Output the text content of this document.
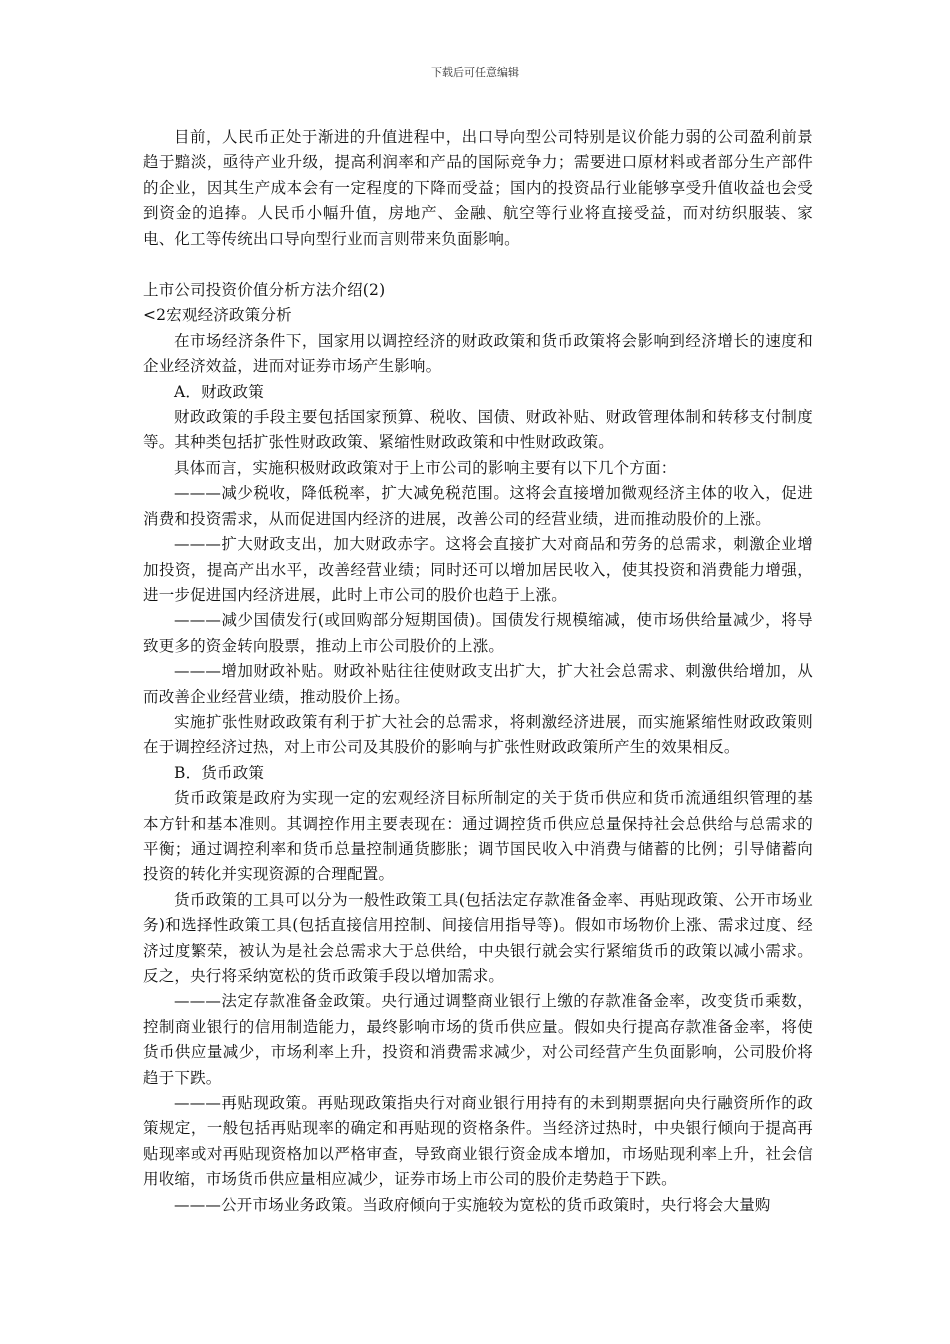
下载后可任意编辑

目前，人民币正处于渐进的升值进程中，出口导向型公司特别是议价能力弱的公司盈利前景趋于黯淡，亟待产业升级，提高利润率和产品的国际竞争力；需要进口原材料或者部分生产部件的企业，因其生产成本会有一定程度的下降而受益；国内的投资品行业能够享受升值收益也会受到资金的追捧。人民币小幅升值，房地产、金融、航空等行业将直接受益，而对纺织服装、家电、化工等传统出口导向型行业而言则带来负面影响。

上市公司投资价值分析方法介绍(2)

<2宏观经济政策分析

在市场经济条件下，国家用以调控经济的财政政策和货币政策将会影响到经济增长的速度和企业经济效益，进而对证券市场产生影响。

A．财政政策

财政政策的手段主要包括国家预算、税收、国债、财政补贴、财政管理体制和转移支付制度等。其种类包括扩张性财政政策、紧缩性财政政策和中性财政政策。

具体而言，实施积极财政政策对于上市公司的影响主要有以下几个方面：

———减少税收，降低税率，扩大减免税范围。这将会直接增加微观经济主体的收入，促进消费和投资需求，从而促进国内经济的进展，改善公司的经营业绩，进而推动股价的上涨。

———扩大财政支出，加大财政赤字。这将会直接扩大对商品和劳务的总需求，刺激企业增加投资，提高产出水平，改善经营业绩；同时还可以增加居民收入，使其投资和消费能力增强，进一步促进国内经济进展，此时上市公司的股价也趋于上涨。

———减少国债发行(或回购部分短期国债)。国债发行规模缩减，使市场供给量减少，将导致更多的资金转向股票，推动上市公司股价的上涨。

———增加财政补贴。财政补贴往往使财政支出扩大，扩大社会总需求、刺激供给增加，从而改善企业经营业绩，推动股价上扬。

实施扩张性财政政策有利于扩大社会的总需求，将刺激经济进展，而实施紧缩性财政政策则在于调控经济过热，对上市公司及其股价的影响与扩张性财政政策所产生的效果相反。

B．货币政策

货币政策是政府为实现一定的宏观经济目标所制定的关于货币供应和货币流通组织管理的基本方针和基本准则。其调控作用主要表现在：通过调控货币供应总量保持社会总供给与总需求的平衡；通过调控利率和货币总量控制通货膨胀；调节国民收入中消费与储蓄的比例；引导储蓄向投资的转化并实现资源的合理配置。

货币政策的工具可以分为一般性政策工具(包括法定存款准备金率、再贴现政策、公开市场业务)和选择性政策工具(包括直接信用控制、间接信用指导等)。假如市场物价上涨、需求过度、经济过度繁荣，被认为是社会总需求大于总供给，中央银行就会实行紧缩货币的政策以减小需求。反之，央行将采纳宽松的货币政策手段以增加需求。

———法定存款准备金政策。央行通过调整商业银行上缴的存款准备金率，改变货币乘数，控制商业银行的信用制造能力，最终影响市场的货币供应量。假如央行提高存款准备金率，将使货币供应量减少，市场利率上升，投资和消费需求减少，对公司经营产生负面影响，公司股价将趋于下跌。

———再贴现政策。再贴现政策指央行对商业银行用持有的未到期票据向央行融资所作的政策规定，一般包括再贴现率的确定和再贴现的资格条件。当经济过热时，中央银行倾向于提高再贴现率或对再贴现资格加以严格审查，导致商业银行资金成本增加，市场贴现利率上升，社会信用收缩，市场货币供应量相应减少，证券市场上市公司的股价走势趋于下跌。

———公开市场业务政策。当政府倾向于实施较为宽松的货币政策时，央行将会大量购
